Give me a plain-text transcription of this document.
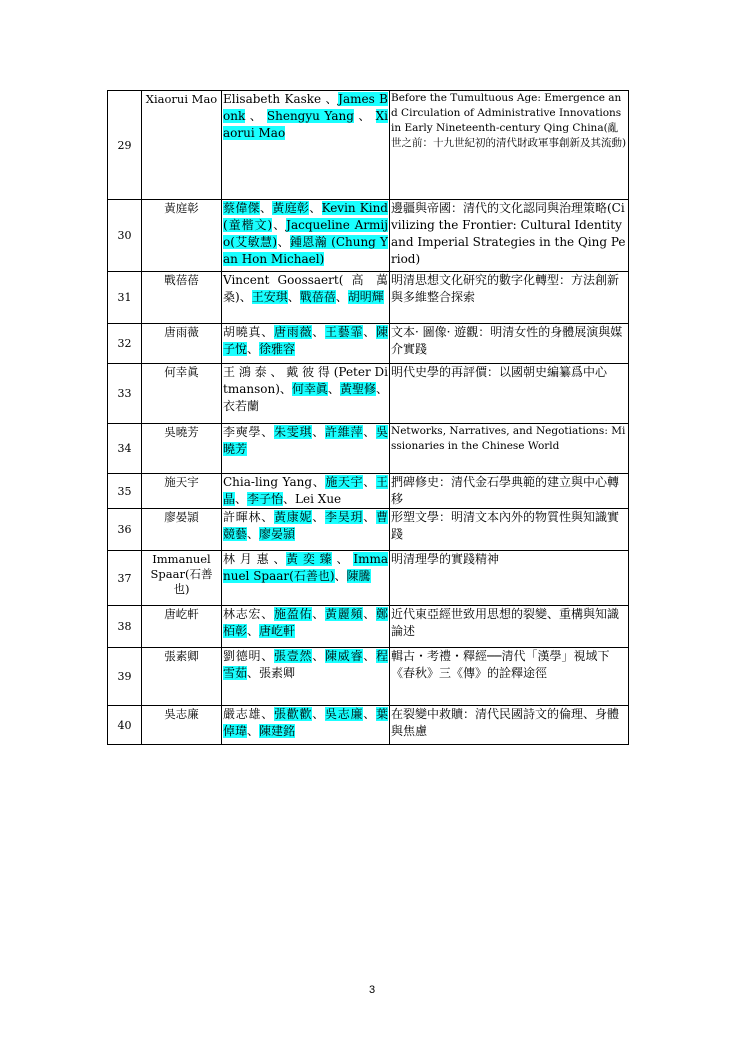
29	Xiaorui Mao	Elisabeth Kaske 、James Bonk 、 Shengyu Yang 、 Xiaorui Mao	Before the Tumultuous Age: Emergence and Circulation of Administrative Innovations in Early Nineteenth-century Qing China(亂世之前：十九世紀初的清代財政軍事創新及其流動)
30	黃庭彰	蔡偉傑、黃庭彰、Kevin Kind(童楷文)、Jacqueline Armijo(艾敏慧)、鍾恩瀚 (Chung Yan Hon Michael)	邊疆與帝國：清代的文化認同與治理策略(Civilizing the Frontier: Cultural Identity and Imperial Strategies in the Qing Period)
31	戰蓓蓓	Vincent Goossaert( 高 萬 桑)、王安琪、戰蓓蓓、胡明輝	明清思想文化研究的數字化轉型：方法創新與多維整合探索
32	唐雨薇	胡曉真、唐雨薇、王藝霏、陳子悅、徐雅容	文本· 圖像· 遊觀：明清女性的身體展演與媒介實踐
33	何幸眞	王 鴻 泰 、 戴 彼 得 (Peter Ditmanson)、何幸眞、黃聖修、衣若蘭	明代史學的再評價：以國朝史編纂爲中心
34	吳曉芳	李奭學、朱雯琪、許維萍、吳曉芳	Networks, Narratives, and Negotiations: Missionaries in the Chinese World
35	施天宇	Chia-ling Yang、施天宇、王晶、李子怡、Lei Xue	捫碑修史：清代金石學典範的建立與中心轉移
36	廖晏頴	許暉林、黃康妮、李昊玥、曹競藝、廖晏頴	形塑文學：明清文本內外的物質性與知識實踐
37	Immanuel Spaar(石善也)	林 月 惠 、黃 奕 臻 、 Immanuel Spaar(石善也)、陳騰	明清理學的實踐精神
38	唐屹軒	林志宏、施盈佑、黃麗頻、鄭栢彰、唐屹軒	近代東亞經世致用思想的裂變、重構與知識論述
39	張素卿	劉德明、張壹然、陳威睿、程雪茹、張素卿	輯古・考禮・釋經──清代「漢學」視域下《春秋》三《傳》的詮釋途徑
40	吳志廉	嚴志雄、張歡歡、吳志廉、葉倬瑋、陳建銘	在裂變中救贖：清代民國詩文的倫理、身體與焦慮
3
